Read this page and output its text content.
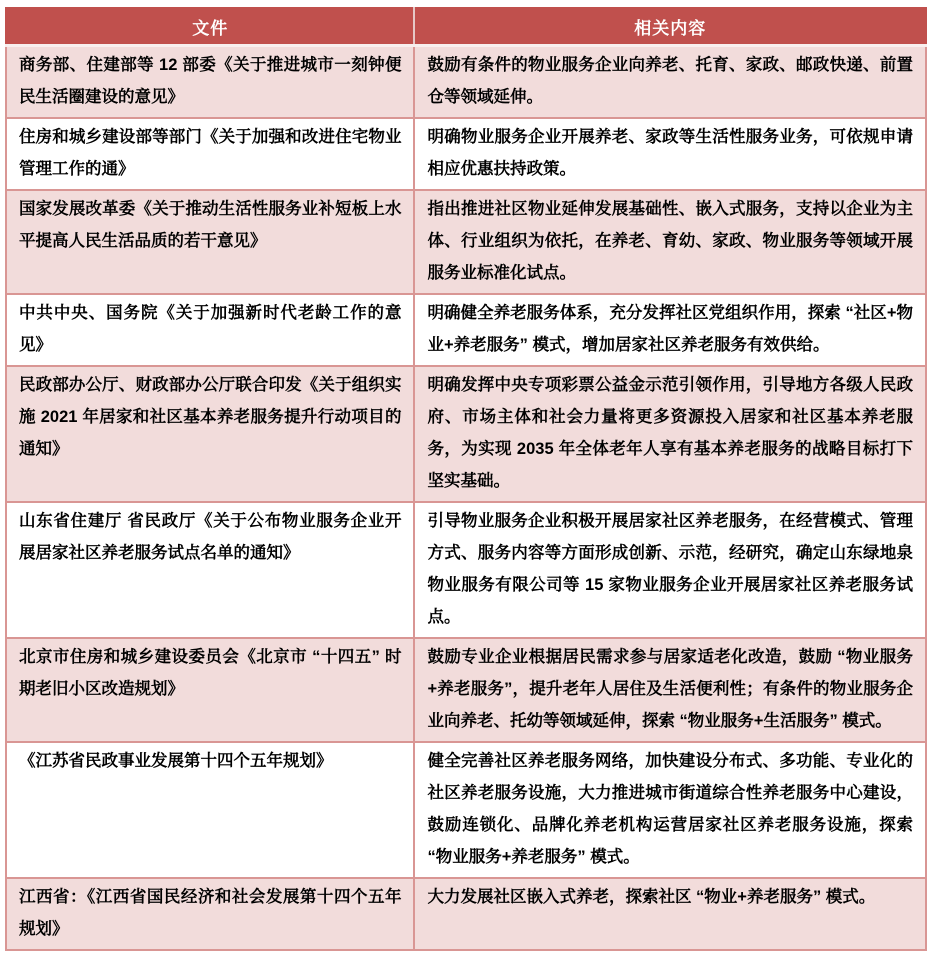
文件	相关内容
商务部、住建部等 12 部委《关于推进城市一刻钟便民生活圈建设的意见》	鼓励有条件的物业服务企业向养老、托育、家政、邮政快递、前置仓等领域延伸。
住房和城乡建设部等部门《关于加强和改进住宅物业管理工作的通》	明确物业服务企业开展养老、家政等生活性服务业务，可依规申请相应优惠扶持政策。
国家发展改革委《关于推动生活性服务业补短板上水平提高人民生活品质的若干意见》	指出推进社区物业延伸发展基础性、嵌入式服务，支持以企业为主体、行业组织为依托，在养老、育幼、家政、物业服务等领域开展服务业标准化试点。
中共中央、国务院《关于加强新时代老龄工作的意见》	明确健全养老服务体系，充分发挥社区党组织作用，探索 “社区+物业+养老服务” 模式，增加居家社区养老服务有效供给。
民政部办公厅、财政部办公厅联合印发《关于组织实施 2021 年居家和社区基本养老服务提升行动项目的通知》	明确发挥中央专项彩票公益金示范引领作用，引导地方各级人民政府、市场主体和社会力量将更多资源投入居家和社区基本养老服务，为实现 2035 年全体老年人享有基本养老服务的战略目标打下坚实基础。
山东省住建厅 省民政厅《关于公布物业服务企业开展居家社区养老服务试点名单的通知》	引导物业服务企业积极开展居家社区养老服务，在经营模式、管理方式、服务内容等方面形成创新、示范，经研究，确定山东绿地泉物业服务有限公司等 15 家物业服务企业开展居家社区养老服务试点。
北京市住房和城乡建设委员会《北京市 “十四五” 时期老旧小区改造规划》	鼓励专业企业根据居民需求参与居家适老化改造，鼓励 “物业服务+养老服务”，提升老年人居住及生活便利性；有条件的物业服务企业向养老、托幼等领域延伸，探索 “物业服务+生活服务” 模式。
《江苏省民政事业发展第十四个五年规划》	健全完善社区养老服务网络，加快建设分布式、多功能、专业化的社区养老服务设施，大力推进城市街道综合性养老服务中心建设，鼓励连锁化、品牌化养老机构运营居家社区养老服务设施，探索 “物业服务+养老服务” 模式。
江西省：《江西省国民经济和社会发展第十四个五年规划》	大力发展社区嵌入式养老，探索社区 “物业+养老服务” 模式。
